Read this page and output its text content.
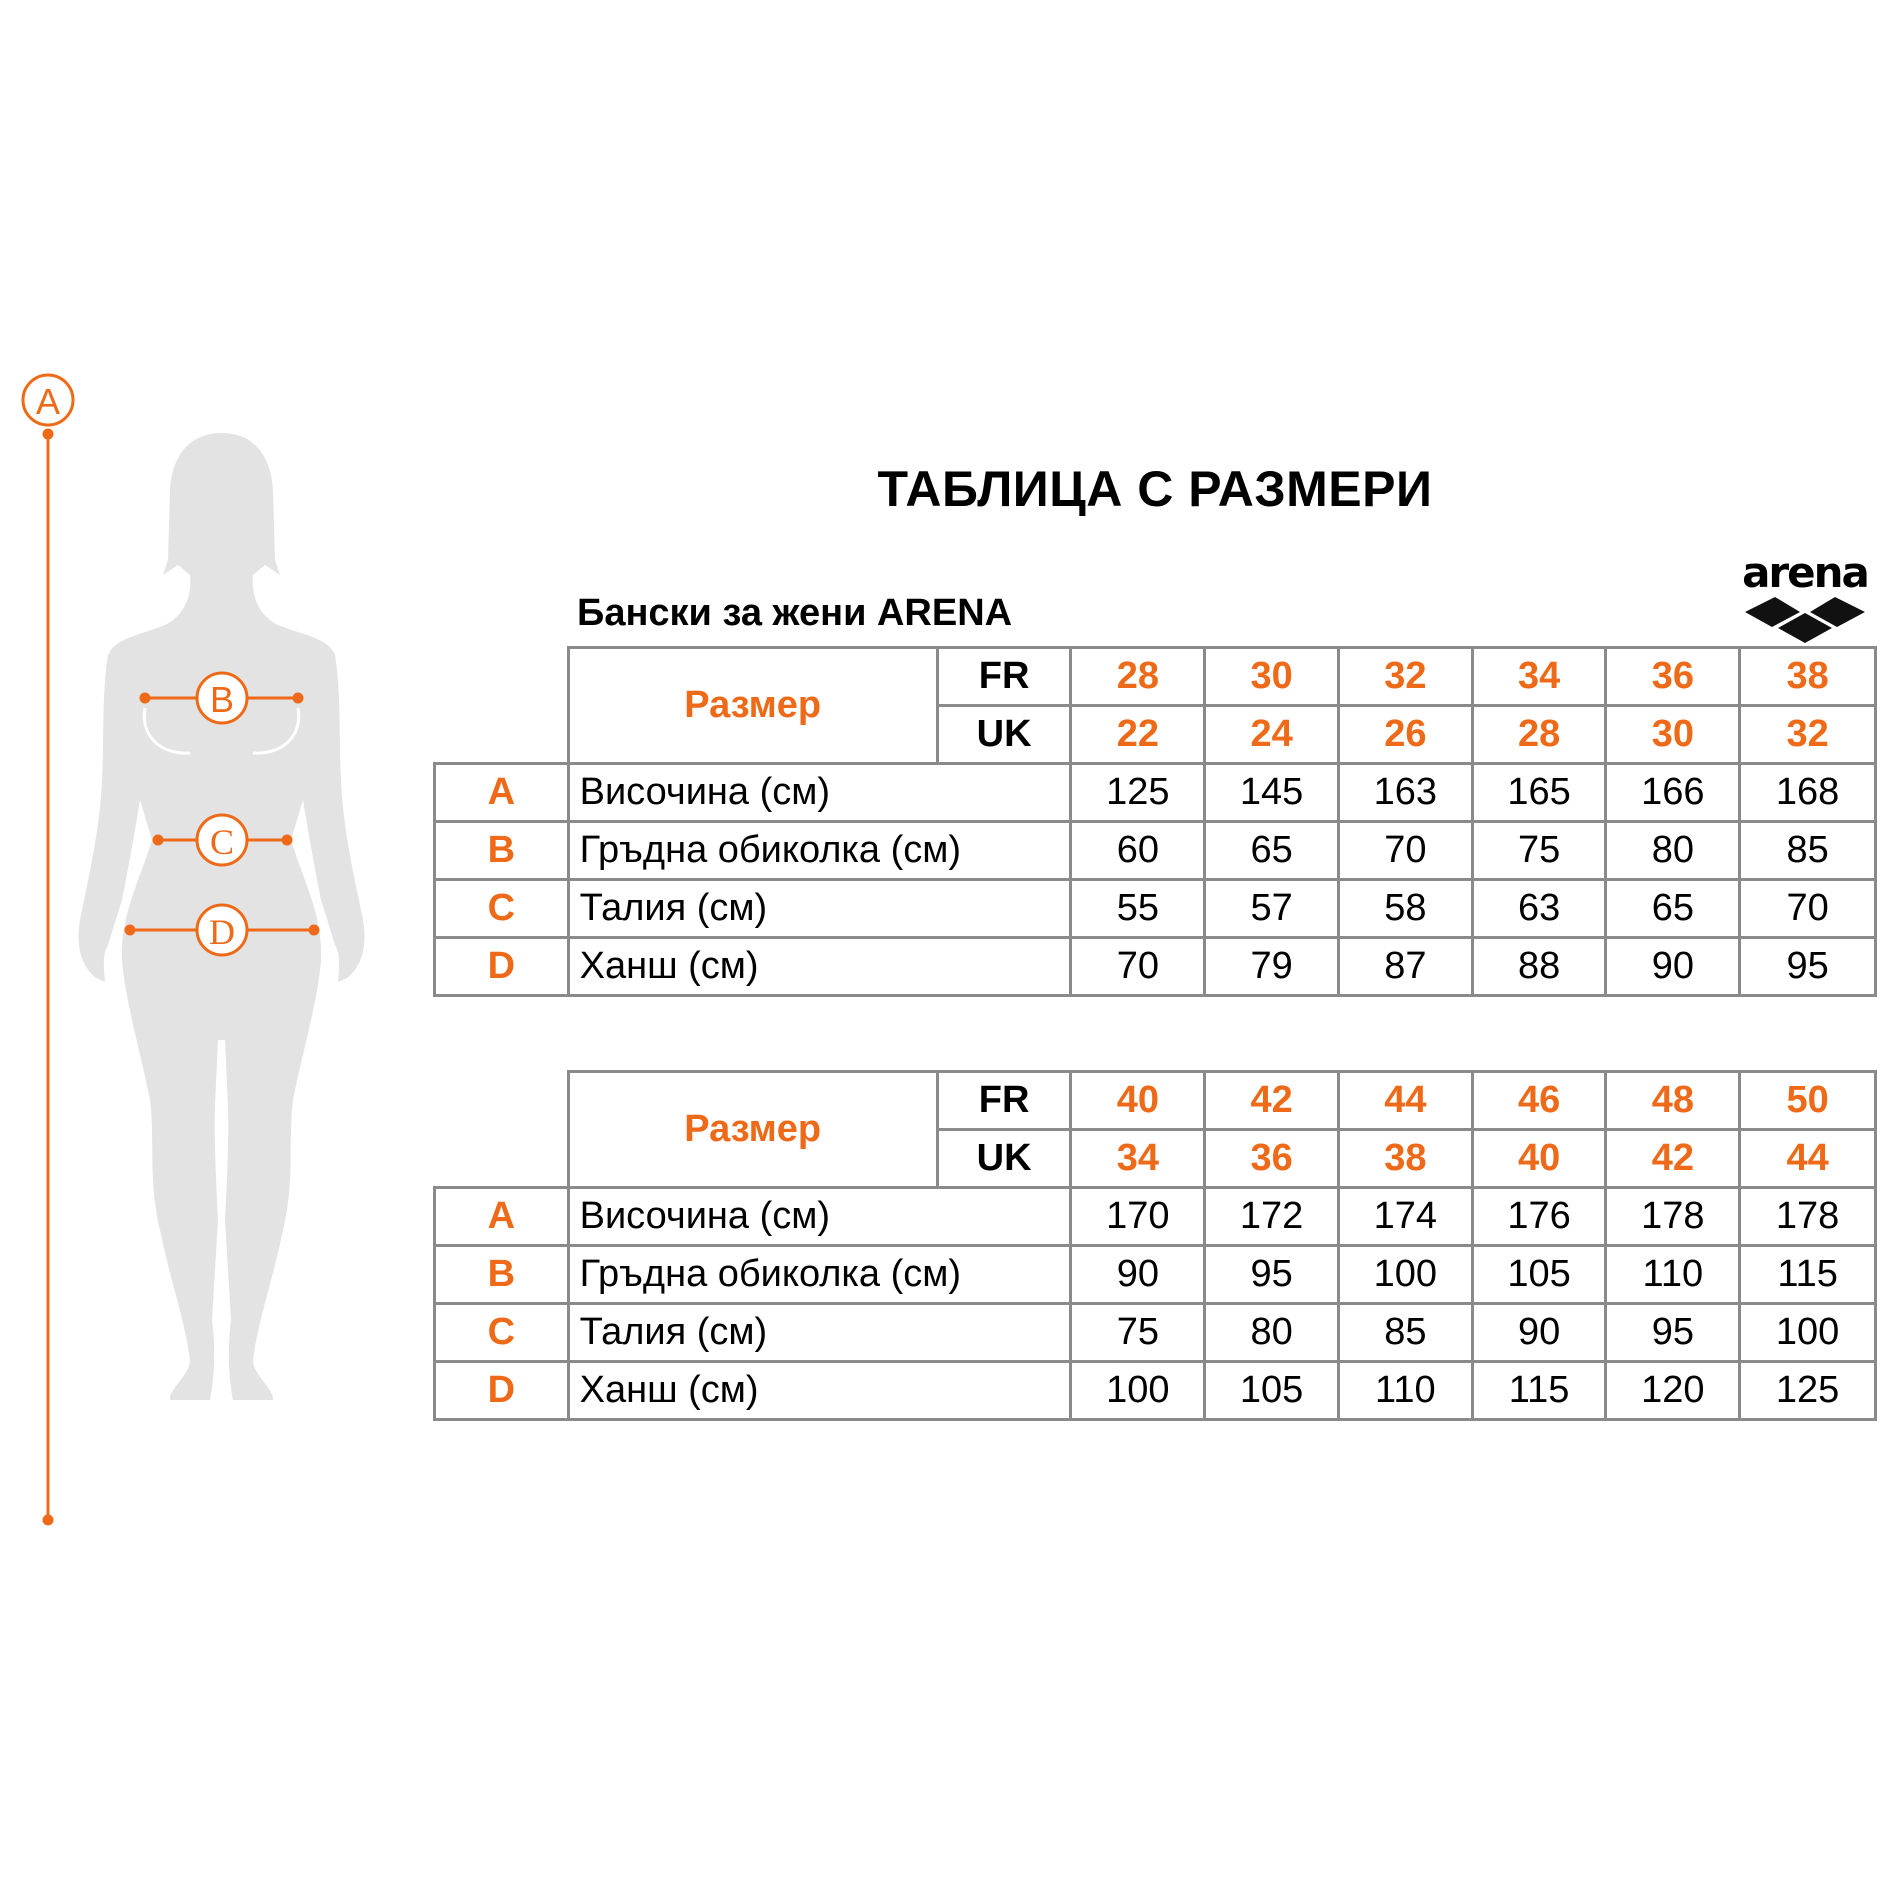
A
B
C
D
ТАБЛИЦА С РАЗМЕРИ
Бански за жени ARENA
arena
	Размер	FR	28	30	32	34	36	38
		UK	22	24	26	28	30	32
A	Височина (см)		125	145	163	165	166	168
B	Гръдна обиколка (см)		60	65	70	75	80	85
C	Талия (см)		55	57	58	63	65	70
D	Ханш (см)		70	79	87	88	90	95
	Размер	FR	40	42	44	46	48	50
		UK	34	36	38	40	42	44
A	Височина (см)		170	172	174	176	178	178
B	Гръдна обиколка (см)		90	95	100	105	110	115
C	Талия (см)		75	80	85	90	95	100
D	Ханш (см)		100	105	110	115	120	125
